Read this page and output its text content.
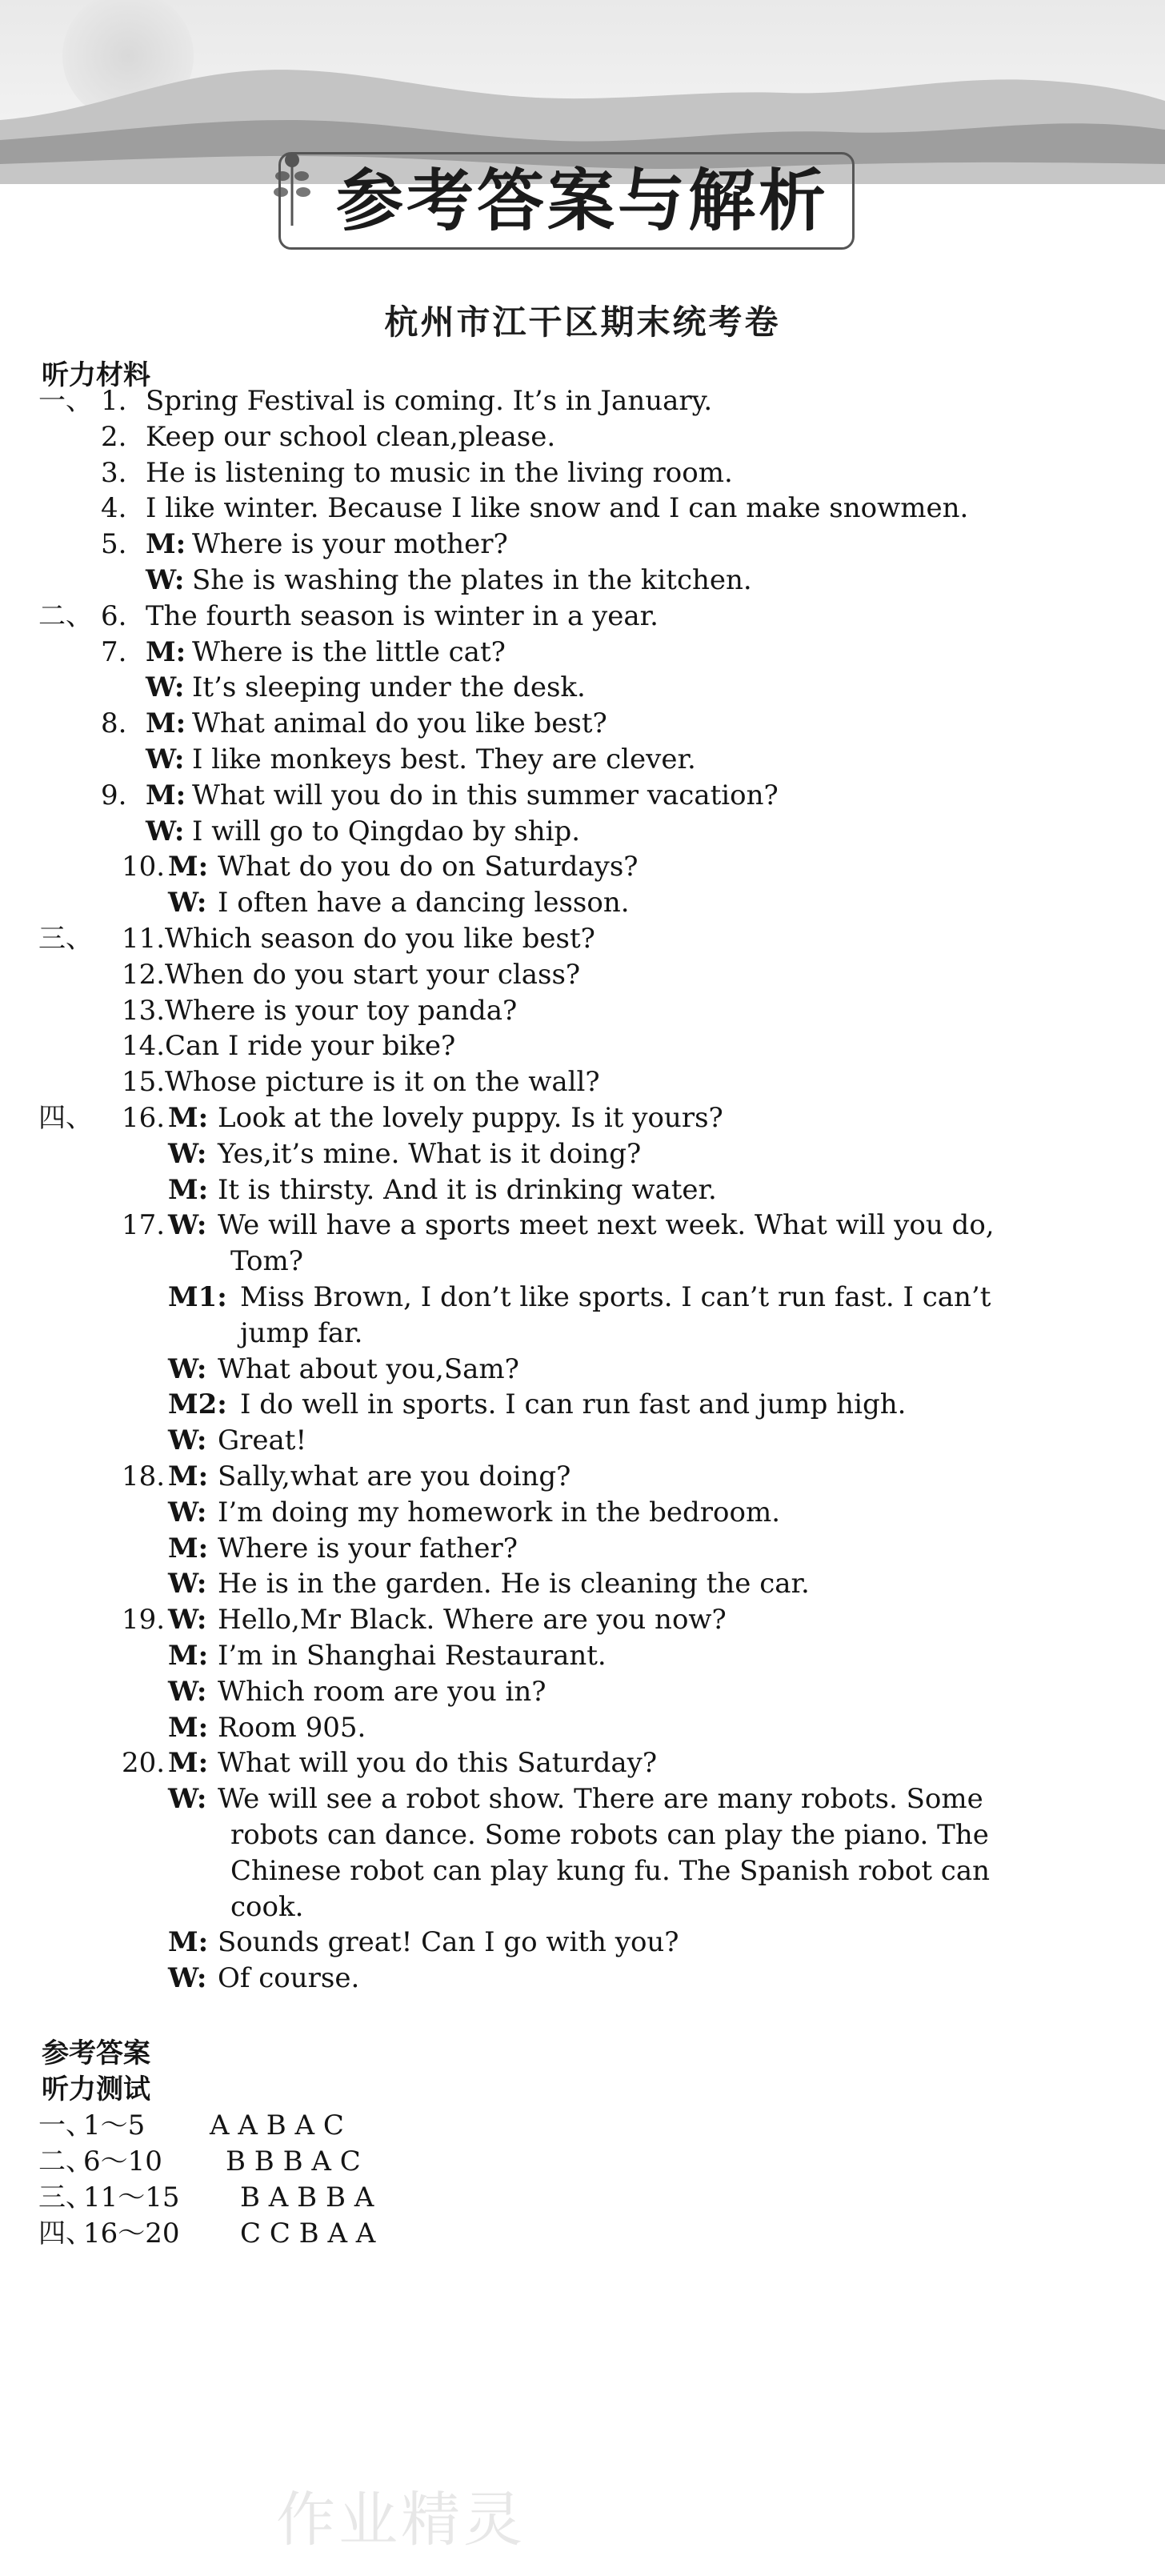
参考答案与解析
杭州市江干区期末统考卷
听力材料
一、 1. Spring Festival is coming. It’s in January.
2. Keep our school clean,please.
3. He is listening to music in the living room.
4. I like winter. Because I like snow and I can make snowmen.
5. M: Where is your mother?
W: She is washing the plates in the kitchen.
二、 6. The fourth season is winter in a year.
7. M: Where is the little cat?
W: It’s sleeping under the desk.
8. M: What animal do you like best?
W: I like monkeys best. They are clever.
9. M: What will you do in this summer vacation?
W: I will go to Qingdao by ship.
10. M: What do you do on Saturdays?
W: I often have a dancing lesson.
三、 11. Which season do you like best?
12. When do you start your class?
13. Where is your toy panda?
14. Can I ride your bike?
15. Whose picture is it on the wall?
四、 16. M: Look at the lovely puppy. Is it yours?
W: Yes,it’s mine. What is it doing?
M: It is thirsty. And it is drinking water.
17. W: We will have a sports meet next week. What will you do,
Tom?
M1: Miss Brown, I don’t like sports. I can’t run fast. I can’t
jump far.
W: What about you,Sam?
M2: I do well in sports. I can run fast and jump high.
W: Great!
18. M: Sally,what are you doing?
W: I’m doing my homework in the bedroom.
M: Where is your father?
W: He is in the garden. He is cleaning the car.
19. W: Hello,Mr Black. Where are you now?
M: I’m in Shanghai Restaurant.
W: Which room are you in?
M: Room 905.
20. M: What will you do this Saturday?
W: We will see a robot show. There are many robots. Some
robots can dance. Some robots can play the piano. The
Chinese robot can play kung fu. The Spanish robot can
cook.
M: Sounds great! Can I go with you?
W: Of course.
参考答案
听力测试
一、
1～5 A A B A C
二、
6～10 B B B A C
三、
11～15 B A B B A
四、
16～20 C C B A A
作业精灵
